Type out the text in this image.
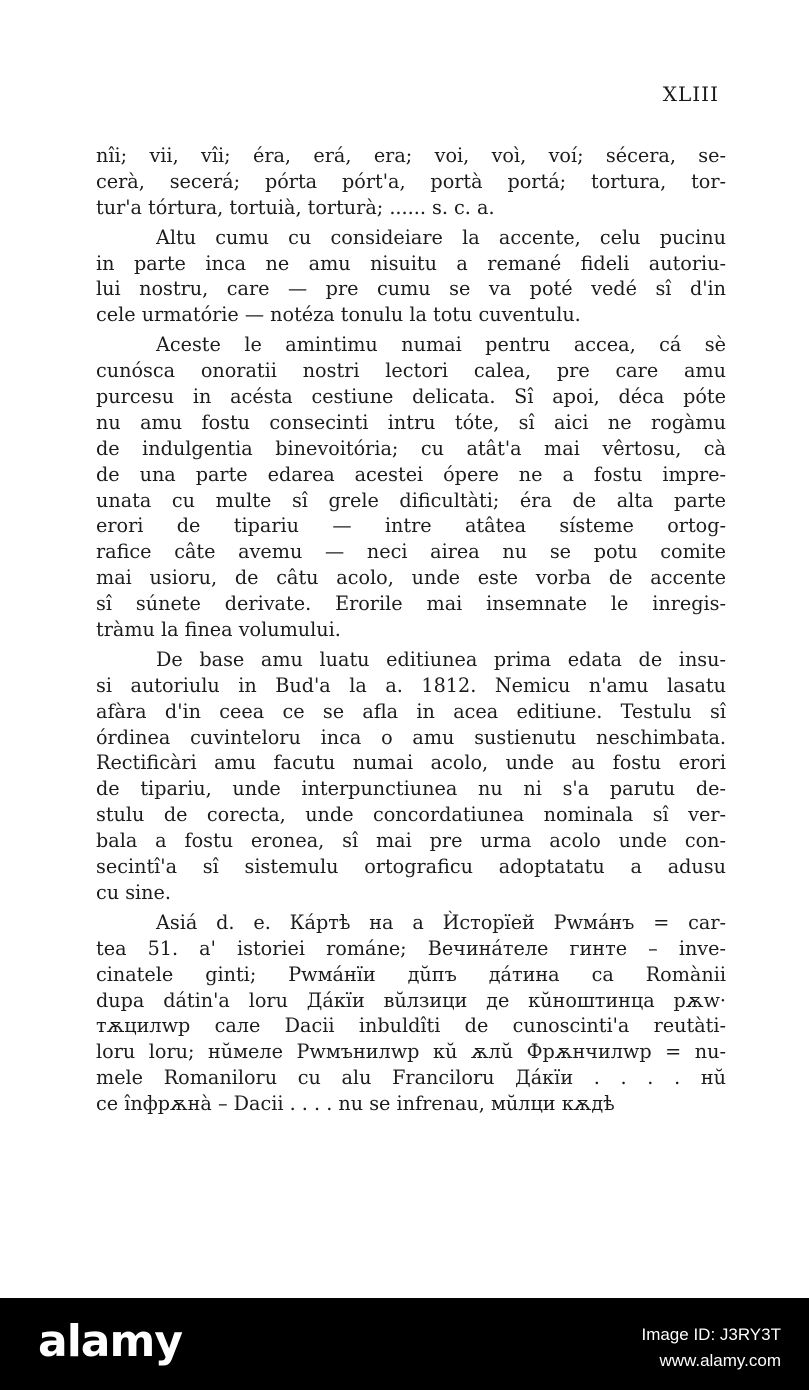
XLIII
nîi; vii, vîi; éra, erá, era; voi, voì, voí; sécera, se-
cerà, secerá; pórta pórt'a, portà portá; tortura, tor-
tur'a tórtura, tortuià, torturà; ...... s. c. a.
Altu cumu cu consideiare la accente, celu pucinu
in parte inca ne amu nisuitu a remané fideli autoriu-
lui nostru, care — pre cumu se va poté vedé sî d'in
cele urmatórie — notéza tonulu la totu cuventulu.
Aceste le amintimu numai pentru accea, cá sè
cunósca onoratii nostri lectori calea, pre care amu
purcesu in acésta cestiune delicata. Sî apoi, déca póte
nu amu fostu consecinti intru tóte, sî aici ne rogàmu
de indulgentia binevoitória; cu atât'a mai vêrtosu, cà
de una parte edarea acestei ópere ne a fostu impre-
unata cu multe sî grele dificultàti; éra de alta parte
erori de tipariu — intre atâtea sísteme ortog-
rafice câte avemu — neci airea nu se potu comite
mai usioru, de câtu acolo, unde este vorba de accente
sî súnete derivate. Erorile mai insemnate le inregis-
tràmu la finea volumului.
De base amu luatu editiunea prima edata de insu-
si autoriulu in Bud'a la a. 1812. Nemicu n'amu lasatu
afàra d'in ceea ce se afla in acea editiune. Testulu sî
órdinea cuvinteloru inca o amu sustienutu neschimbata.
Rectificàri amu facutu numai acolo, unde au fostu erori
de tipariu, unde interpunctiunea nu ni s'a parutu de-
stulu de corecta, unde concordatiunea nominala sî ver-
bala a fostu eronea, sî mai pre urma acolo unde con-
secintî'a sî sistemulu ortograficu adoptatatu a adusu
cu sine.
Asiá d. e. Кáртѣ на а Ѝсторїей Рwмáнъ = car-
tea 51. a' istoriei románe; Вечинáтеле гинте – inve-
cinatele ginti; Рwмáнїи дŭпъ дáтина са Romànii
dupa dátin'a loru Дáкїи вŭлзици де кŭноштинца рѫw·
тѫцилwр сале Dacii inbuldîti de cunoscinti'a reutàti-
loru loru; нŭмеле Рwмънилwр кŭ ѫлŭ Фрѫнчилwр = nu-
mele Romaniloru cu alu Franciloru Дáкїи . . . . нŭ
се înфрѫнà – Dacii . . . . nu se infrenau, мŭлци кѫдѣ
alamy	Image ID: J3RY3T
www.alamy.com
